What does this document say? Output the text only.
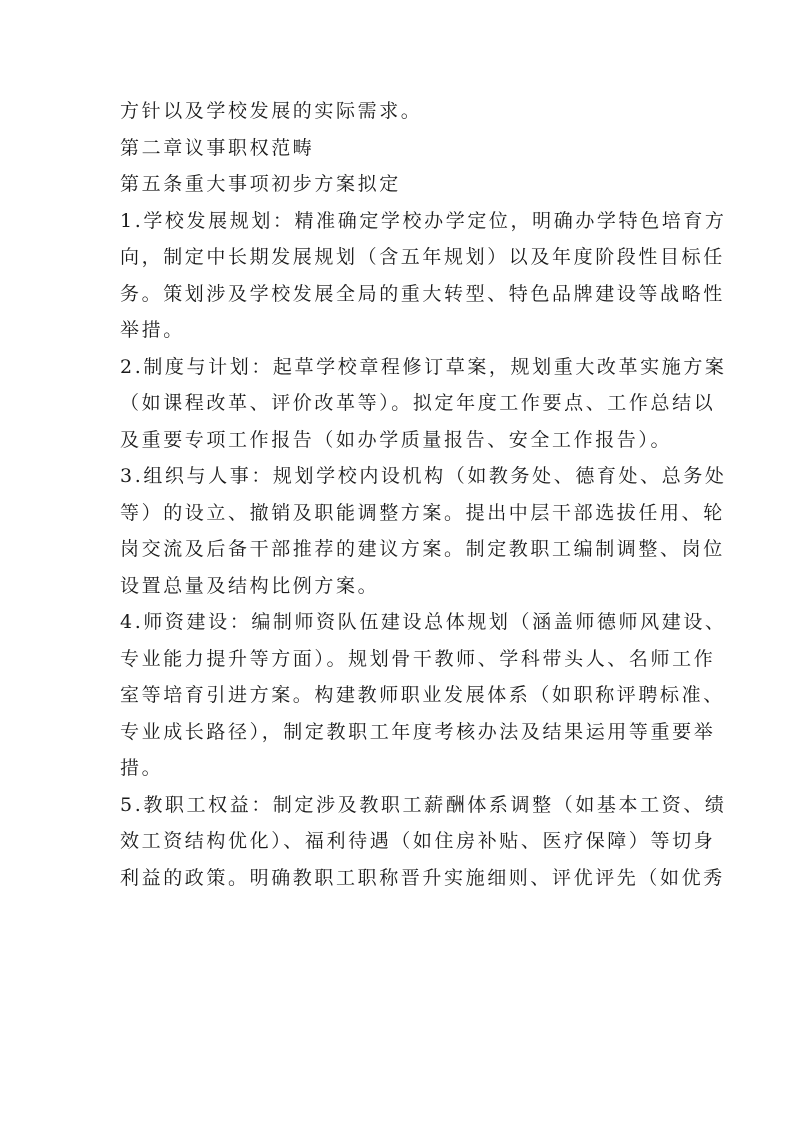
方针以及学校发展的实际需求。
第二章议事职权范畴
第五条重大事项初步方案拟定
1.学校发展规划：精准确定学校办学定位，明确办学特色培育方
向，制定中长期发展规划（含五年规划）以及年度阶段性目标任
务。策划涉及学校发展全局的重大转型、特色品牌建设等战略性
举措。
2.制度与计划：起草学校章程修订草案，规划重大改革实施方案
（如课程改革、评价改革等）。拟定年度工作要点、工作总结以
及重要专项工作报告（如办学质量报告、安全工作报告）。
3.组织与人事：规划学校内设机构（如教务处、德育处、总务处
等）的设立、撤销及职能调整方案。提出中层干部选拔任用、轮
岗交流及后备干部推荐的建议方案。制定教职工编制调整、岗位
设置总量及结构比例方案。
4.师资建设：编制师资队伍建设总体规划（涵盖师德师风建设、
专业能力提升等方面）。规划骨干教师、学科带头人、名师工作
室等培育引进方案。构建教师职业发展体系（如职称评聘标准、
专业成长路径），制定教职工年度考核办法及结果运用等重要举
措。
5.教职工权益：制定涉及教职工薪酬体系调整（如基本工资、绩
效工资结构优化）、福利待遇（如住房补贴、医疗保障）等切身
利益的政策。明确教职工职称晋升实施细则、评优评先（如优秀
